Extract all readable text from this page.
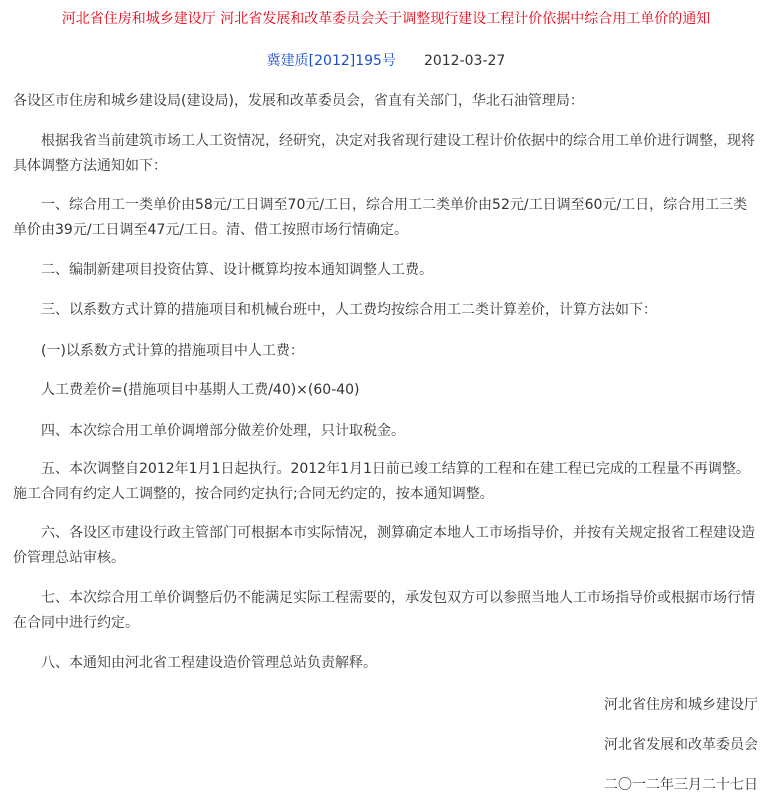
河北省住房和城乡建设厅 河北省发展和改革委员会关于调整现行建设工程计价依据中综合用工单价的通知
冀建质[2012]195号 2012-03-27

各设区市住房和城乡建设局(建设局)，发展和改革委员会，省直有关部门，华北石油管理局：

根据我省当前建筑市场工人工资情况，经研究，决定对我省现行建设工程计价依据中的综合用工单价进行调整，现将具体调整方法通知如下：

一、综合用工一类单价由58元/工日调至70元/工日，综合用工二类单价由52元/工日调至60元/工日，综合用工三类单价由39元/工日调至47元/工日。清、借工按照市场行情确定。

二、编制新建项目投资估算、设计概算均按本通知调整人工费。

三、以系数方式计算的措施项目和机械台班中，人工费均按综合用工二类计算差价，计算方法如下：

(一)以系数方式计算的措施项目中人工费：

人工费差价=(措施项目中基期人工费/40)×(60-40)

四、本次综合用工单价调增部分做差价处理，只计取税金。

五、本次调整自2012年1月1日起执行。2012年1月1日前已竣工结算的工程和在建工程已完成的工程量不再调整。施工合同有约定人工调整的，按合同约定执行;合同无约定的，按本通知调整。

六、各设区市建设行政主管部门可根据本市实际情况，测算确定本地人工市场指导价，并按有关规定报省工程建设造价管理总站审核。

七、本次综合用工单价调整后仍不能满足实际工程需要的，承发包双方可以参照当地人工市场指导价或根据市场行情在合同中进行约定。

八、本通知由河北省工程建设造价管理总站负责解释。

河北省住房和城乡建设厅
河北省发展和改革委员会
二〇一二年三月二十七日
